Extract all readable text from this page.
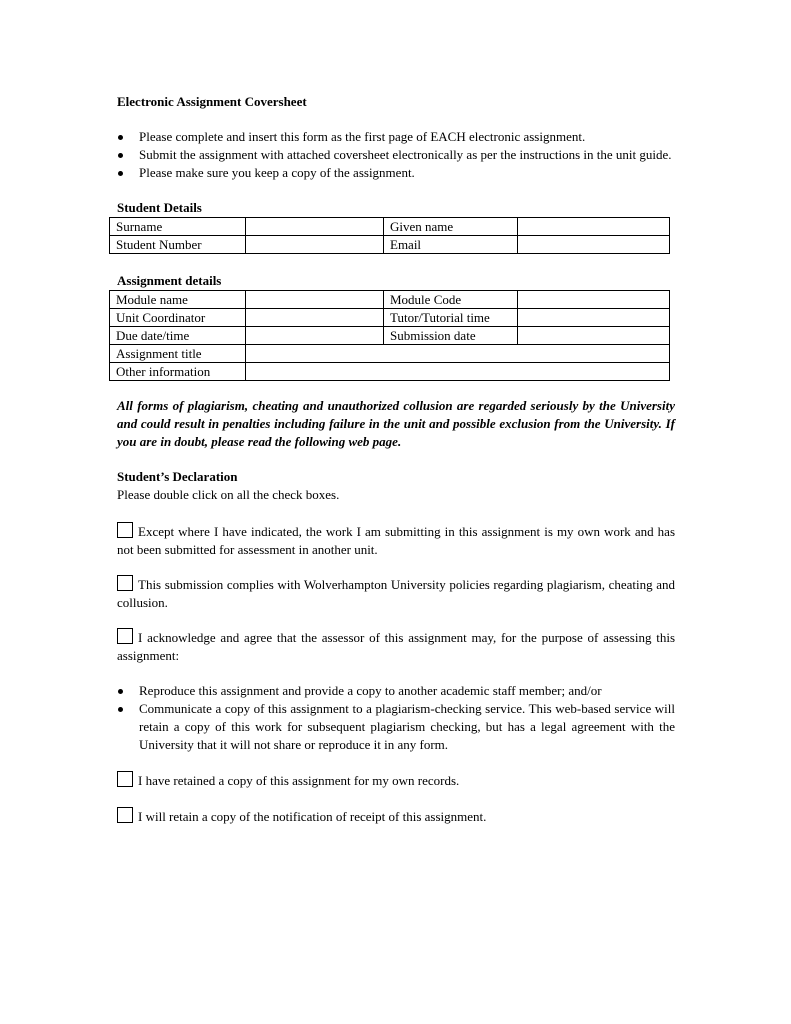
Electronic Assignment Coversheet

Please complete and insert this form as the first page of EACH electronic assignment.
Submit the assignment with attached coversheet electronically as per the instructions in the unit guide.
Please make sure you keep a copy of the assignment.

Student Details

Surname		Given name	
Student Number		Email	

Assignment details

Module name		Module Code	
Unit Coordinator		Tutor/Tutorial time	
Due date/time		Submission date	
Assignment title			
Other information			

All forms of plagiarism, cheating and unauthorized collusion are regarded seriously by the University and could result in penalties including failure in the unit and possible exclusion from the University. If you are in doubt, please read the following web page.

Student’s Declaration

Please double click on all the check boxes.

Except where I have indicated, the work I am submitting in this assignment is my own work and has not been submitted for assessment in another unit.

This submission complies with Wolverhampton University policies regarding plagiarism, cheating and collusion.

I acknowledge and agree that the assessor of this assignment may, for the purpose of assessing this assignment:

Reproduce this assignment and provide a copy to another academic staff member; and/or
Communicate a copy of this assignment to a plagiarism-checking service. This web-based service will retain a copy of this work for subsequent plagiarism checking, but has a legal agreement with the University that it will not share or reproduce it in any form.

I have retained a copy of this assignment for my own records.

I will retain a copy of the notification of receipt of this assignment.
